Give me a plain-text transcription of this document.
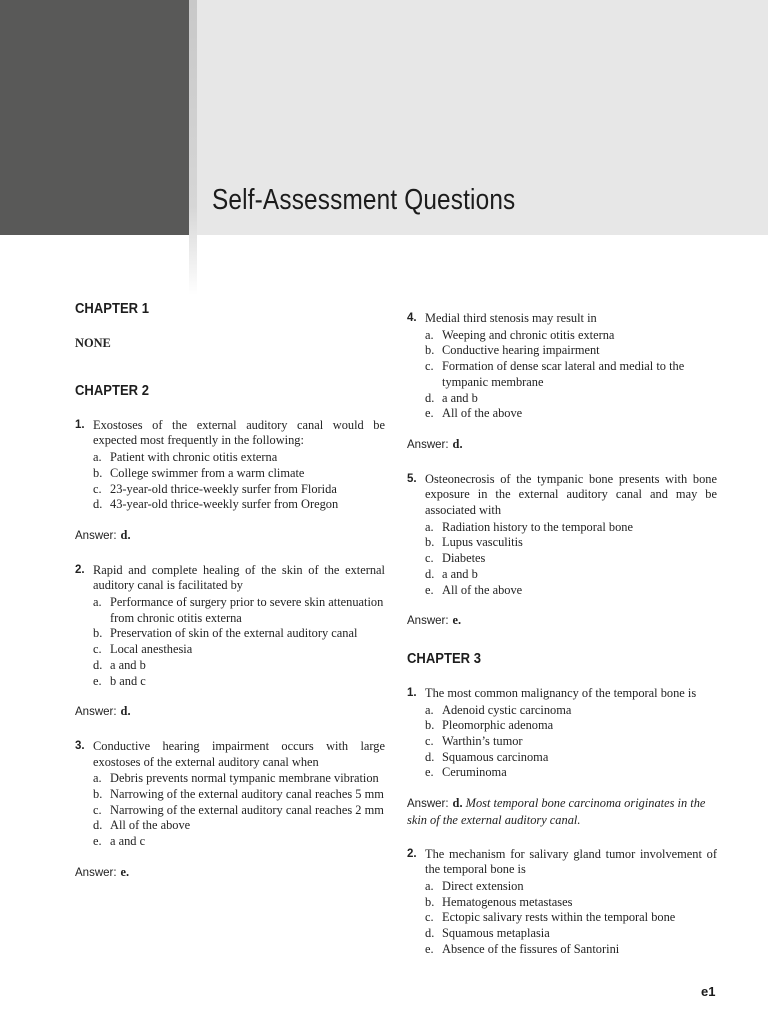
Self-Assessment Questions
CHAPTER 1
NONE
CHAPTER 2
1. Exostoses of the external auditory canal would be expected most frequently in the following:
a. Patient with chronic otitis externa
b. College swimmer from a warm climate
c. 23-year-old thrice-weekly surfer from Florida
d. 43-year-old thrice-weekly surfer from Oregon
Answer: d.
2. Rapid and complete healing of the skin of the external auditory canal is facilitated by
a. Performance of surgery prior to severe skin attenuation from chronic otitis externa
b. Preservation of skin of the external auditory canal
c. Local anesthesia
d. a and b
e. b and c
Answer: d.
3. Conductive hearing impairment occurs with large exostoses of the external auditory canal when
a. Debris prevents normal tympanic membrane vibration
b. Narrowing of the external auditory canal reaches 5 mm
c. Narrowing of the external auditory canal reaches 2 mm
d. All of the above
e. a and c
Answer: e.
4. Medial third stenosis may result in
a. Weeping and chronic otitis externa
b. Conductive hearing impairment
c. Formation of dense scar lateral and medial to the tympanic membrane
d. a and b
e. All of the above
Answer: d.
5. Osteonecrosis of the tympanic bone presents with bone exposure in the external auditory canal and may be associated with
a. Radiation history to the temporal bone
b. Lupus vasculitis
c. Diabetes
d. a and b
e. All of the above
Answer: e.
CHAPTER 3
1. The most common malignancy of the temporal bone is
a. Adenoid cystic carcinoma
b. Pleomorphic adenoma
c. Warthin’s tumor
d. Squamous carcinoma
e. Ceruminoma
Answer: d. Most temporal bone carcinoma originates in the skin of the external auditory canal.
2. The mechanism for salivary gland tumor involvement of the temporal bone is
a. Direct extension
b. Hematogenous metastases
c. Ectopic salivary rests within the temporal bone
d. Squamous metaplasia
e. Absence of the fissures of Santorini
e1
